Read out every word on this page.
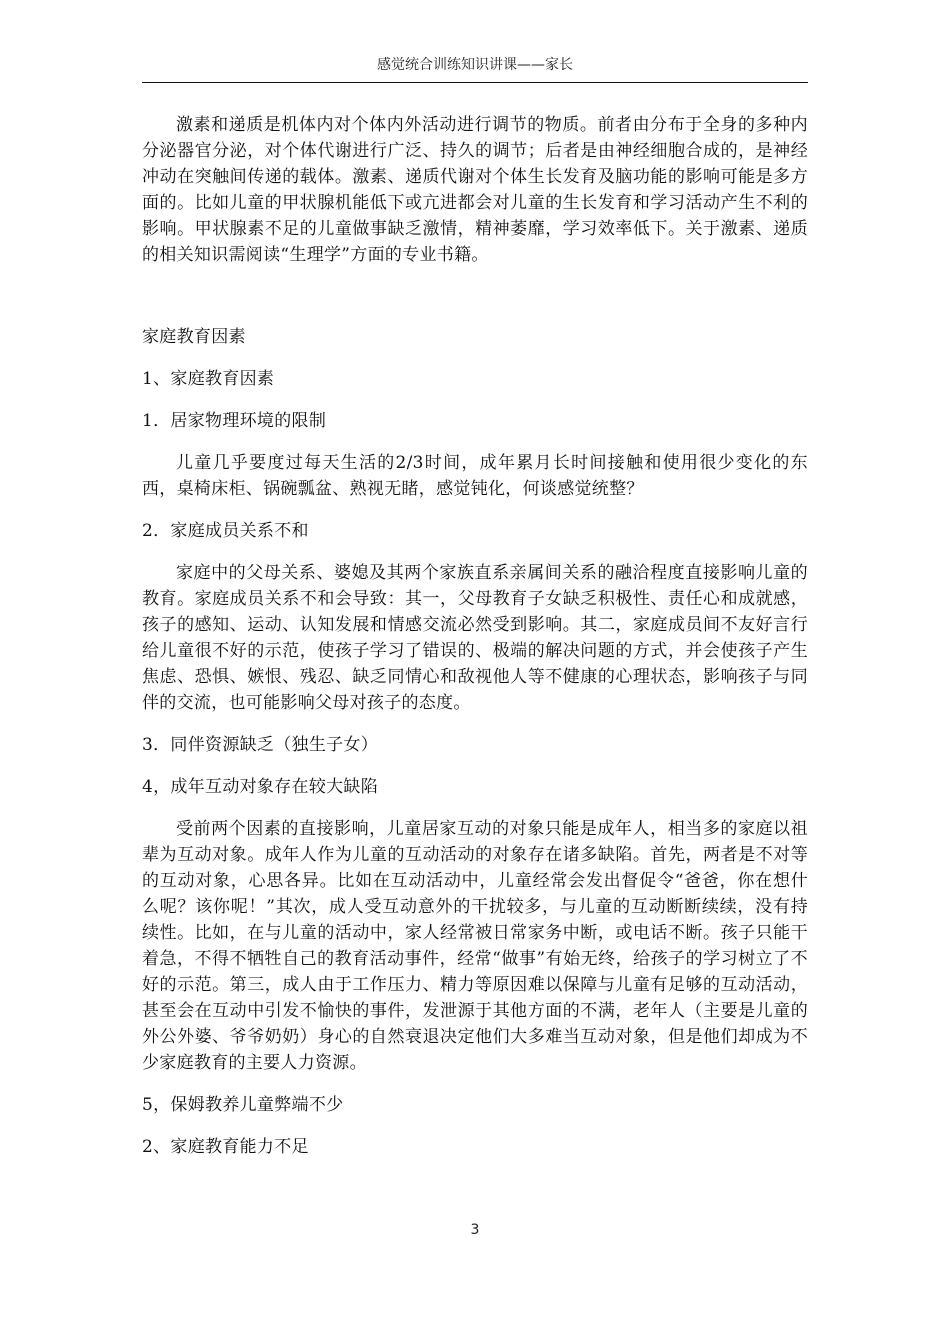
感觉统合训练知识讲课——家长

激素和递质是机体内对个体内外活动进行调节的物质。前者由分布于全身的多种内分泌器官分泌，对个体代谢进行广泛、持久的调节；后者是由神经细胞合成的，是神经冲动在突触间传递的载体。激素、递质代谢对个体生长发育及脑功能的影响可能是多方面的。比如儿童的甲状腺机能低下或亢进都会对儿童的生长发育和学习活动产生不利的影响。甲状腺素不足的儿童做事缺乏激情，精神萎靡，学习效率低下。关于激素、递质的相关知识需阅读“生理学”方面的专业书籍。

家庭教育因素

1、家庭教育因素

1．居家物理环境的限制

儿童几乎要度过每天生活的2/3时间，成年累月长时间接触和使用很少变化的东西，桌椅床柜、锅碗瓢盆、熟视无睹，感觉钝化，何谈感觉统整？

2．家庭成员关系不和

家庭中的父母关系、婆媳及其两个家族直系亲属间关系的融洽程度直接影响儿童的教育。家庭成员关系不和会导致：其一，父母教育子女缺乏积极性、责任心和成就感，孩子的感知、运动、认知发展和情感交流必然受到影响。其二，家庭成员间不友好言行给儿童很不好的示范，使孩子学习了错误的、极端的解决问题的方式，并会使孩子产生焦虑、恐惧、嫉恨、残忍、缺乏同情心和敌视他人等不健康的心理状态，影响孩子与同伴的交流，也可能影响父母对孩子的态度。

3．同伴资源缺乏（独生子女）

4，成年互动对象存在较大缺陷

受前两个因素的直接影响，儿童居家互动的对象只能是成年人，相当多的家庭以祖辈为互动对象。成年人作为儿童的互动活动的对象存在诸多缺陷。首先，两者是不对等的互动对象，心思各异。比如在互动活动中，儿童经常会发出督促令“爸爸，你在想什么呢？该你呢！”其次，成人受互动意外的干扰较多，与儿童的互动断断续续，没有持续性。比如，在与儿童的活动中，家人经常被日常家务中断，或电话不断。孩子只能干着急，不得不牺牲自己的教育活动事件，经常“做事”有始无终，给孩子的学习树立了不好的示范。第三，成人由于工作压力、精力等原因难以保障与儿童有足够的互动活动，甚至会在互动中引发不愉快的事件，发泄源于其他方面的不满，老年人（主要是儿童的外公外婆、爷爷奶奶）身心的自然衰退决定他们大多难当互动对象，但是他们却成为不少家庭教育的主要人力资源。

5，保姆教养儿童弊端不少

2、家庭教育能力不足

3
